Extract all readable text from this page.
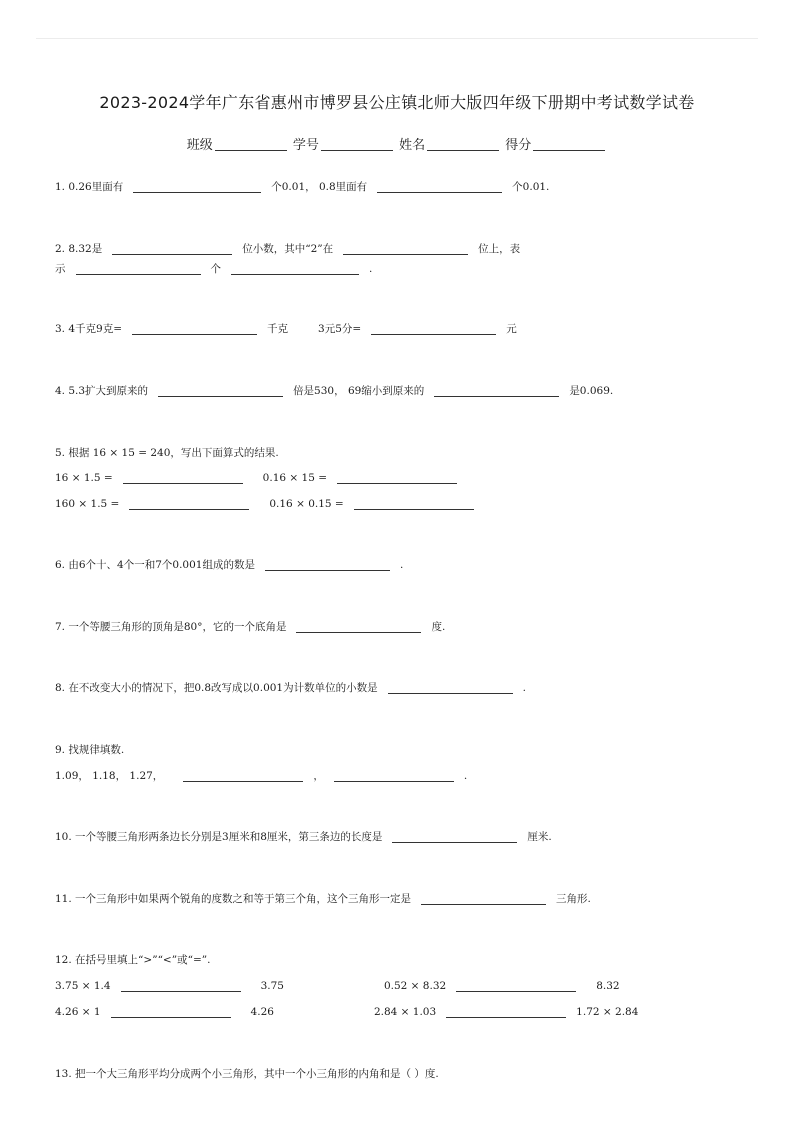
2023-2024学年广东省惠州市博罗县公庄镇北师大版四年级下册期中考试数学试卷
班级	学号	姓名	得分
1. 0.26里面有	个0.01， 0.8里面有	个0.01.
2. 8.32是	位小数，其中“2”在	位上，表
示	个	.
3. 4千克9克=	千克	3元5分=	元
4. 5.3扩大到原来的	倍是530， 69缩小到原来的	是0.069.
5. 根据 16 × 15 = 240，写出下面算式的结果.
16 × 1.5 =	0.16 × 15 =
160 × 1.5 =	0.16 × 0.15 =
6. 由6个十、4个一和7个0.001组成的数是	.
7. 一个等腰三角形的顶角是80°，它的一个底角是	度.
8. 在不改变大小的情况下，把0.8改写成以0.001为计数单位的小数是	.
9. 找规律填数.
1.09， 1.18， 1.27，	，	.
10. 一个等腰三角形两条边长分别是3厘米和8厘米，第三条边的长度是	厘米.
11. 一个三角形中如果两个锐角的度数之和等于第三个角，这个三角形一定是	三角形.
12. 在括号里填上“>”“<”或“=”.
3.75 × 1.4	3.75	0.52 × 8.32	8.32
4.26 × 1	4.26	2.84 × 1.03	1.72 × 2.84
13. 把一个大三角形平均分成两个小三角形，其中一个小三角形的内角和是（ ）度.
